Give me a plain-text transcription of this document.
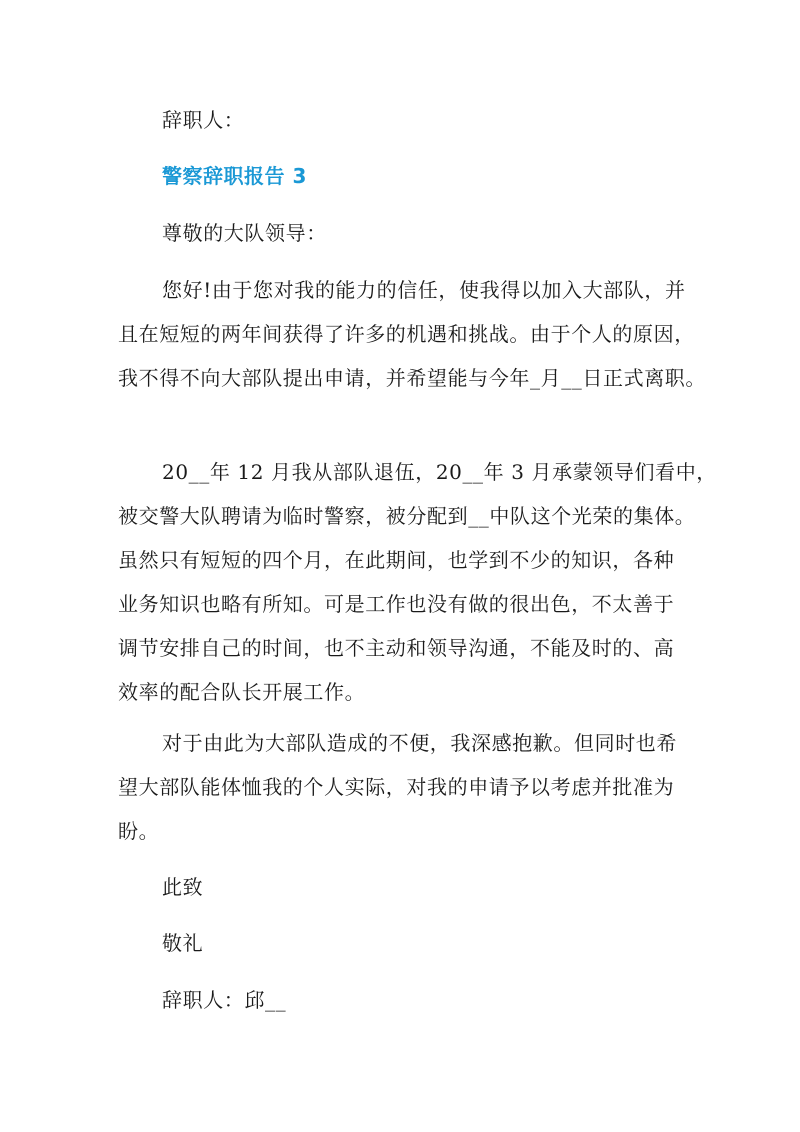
辞职人：
警察辞职报告 3
尊敬的大队领导：
您好!由于您对我的能力的信任，使我得以加入大部队，并
且在短短的两年间获得了许多的机遇和挑战。由于个人的原因，
我不得不向大部队提出申请，并希望能与今年_月__日正式离职。
20__年 12 月我从部队退伍，20__年 3 月承蒙领导们看中，
被交警大队聘请为临时警察，被分配到__中队这个光荣的集体。
虽然只有短短的四个月，在此期间，也学到不少的知识，各种
业务知识也略有所知。可是工作也没有做的很出色，不太善于
调节安排自己的时间，也不主动和领导沟通，不能及时的、高
效率的配合队长开展工作。
对于由此为大部队造成的不便，我深感抱歉。但同时也希
望大部队能体恤我的个人实际，对我的申请予以考虑并批准为
盼。
此致
敬礼
辞职人：邱__
